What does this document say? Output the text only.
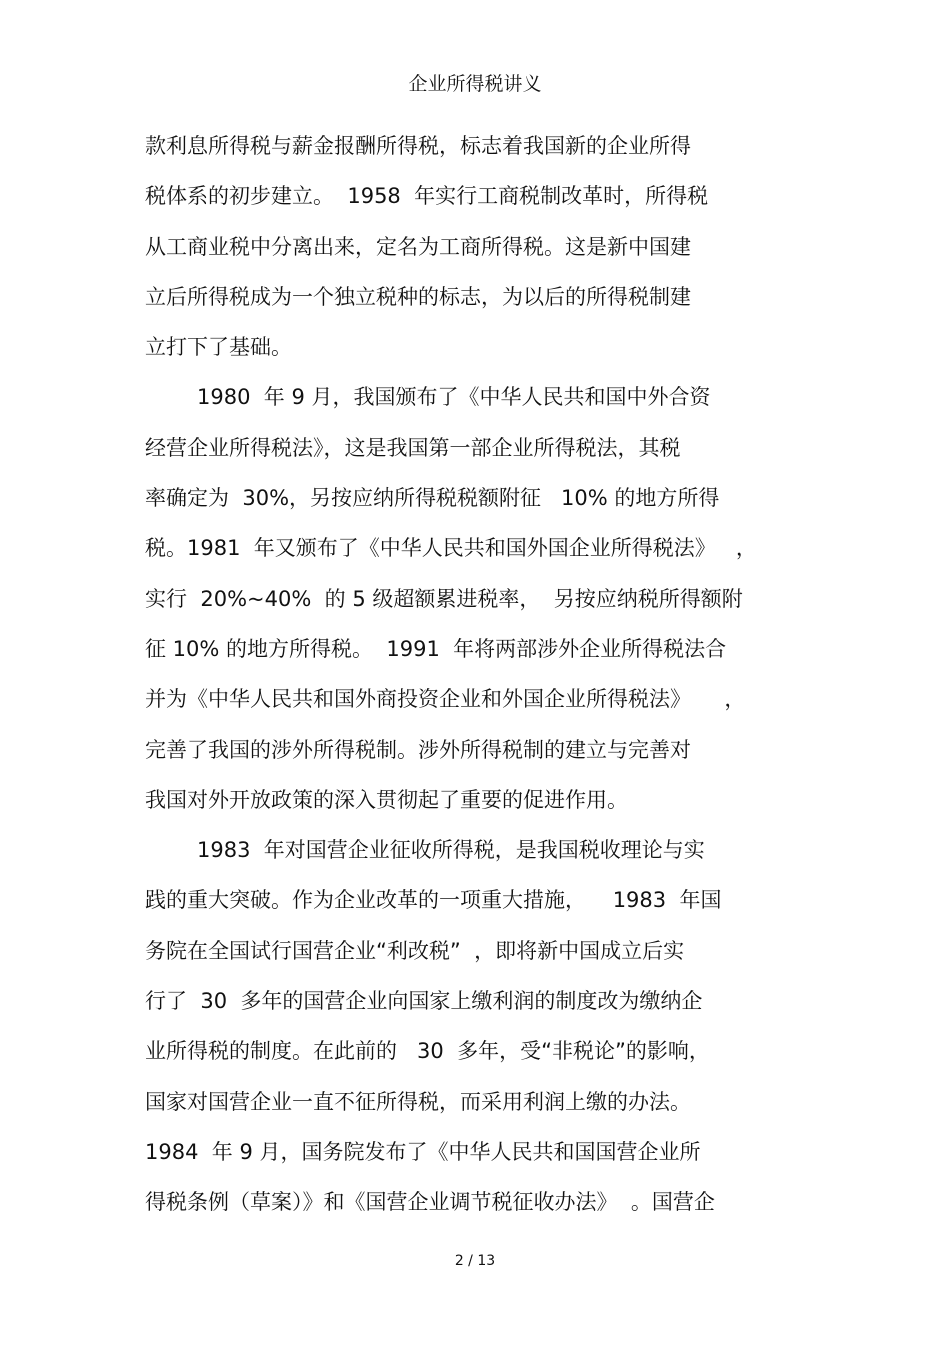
企业所得税讲义
款利息所得税与薪金报酬所得税，标志着我国新的企业所得
税体系的初步建立。  1958  年实行工商税制改革时，所得税
从工商业税中分离出来，定名为工商所得税。这是新中国建
立后所得税成为一个独立税种的标志，为以后的所得税制建
立打下了基础。
1980  年 9 月，我国颁布了《中华人民共和国中外合资
经营企业所得税法》，这是我国第一部企业所得税法，其税
率确定为  30%，另按应纳所得税税额附征   10% 的地方所得
税。1981  年又颁布了《中华人民共和国外国企业所得税法》   ，
实行  20%~40%  的 5 级超额累进税率，  另按应纳税所得额附
征 10% 的地方所得税。  1991  年将两部涉外企业所得税法合
并为《中华人民共和国外商投资企业和外国企业所得税法》     ，
完善了我国的涉外所得税制。涉外所得税制的建立与完善对
我国对外开放政策的深入贯彻起了重要的促进作用。
1983  年对国营企业征收所得税，是我国税收理论与实
践的重大突破。作为企业改革的一项重大措施，    1983  年国
务院在全国试行国营企业“利改税”  ，即将新中国成立后实
行了  30  多年的国营企业向国家上缴利润的制度改为缴纳企
业所得税的制度。在此前的   30  多年，受“非税论”的影响，
国家对国营企业一直不征所得税，而采用利润上缴的办法。
1984  年 9 月，国务院发布了《中华人民共和国国营企业所
得税条例（草案）》和《国营企业调节税征收办法》  。国营企
2 / 13
